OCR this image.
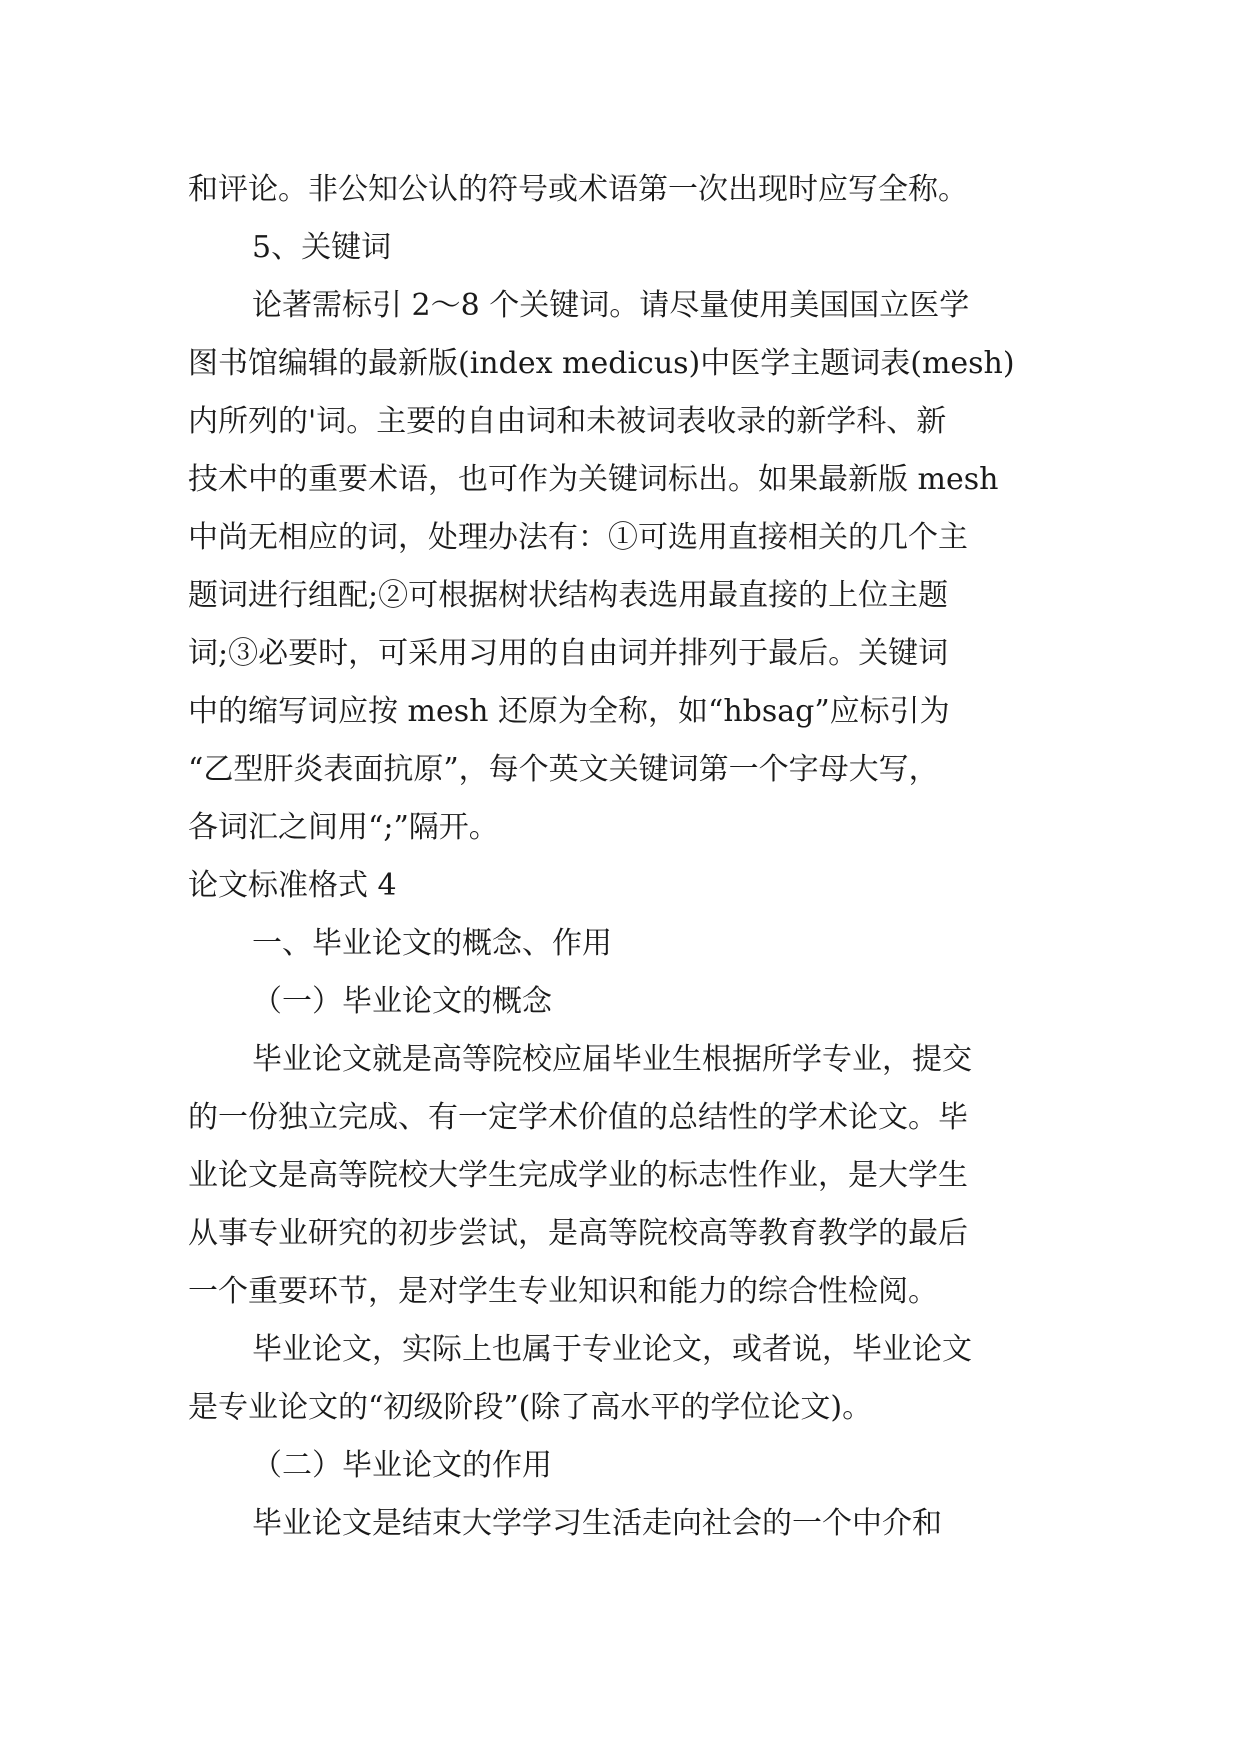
和评论。非公知公认的符号或术语第一次出现时应写全称。
5、关键词
论著需标引 2～8 个关键词。请尽量使用美国国立医学
图书馆编辑的最新版(index medicus)中医学主题词表(mesh)
内所列的'词。主要的自由词和未被词表收录的新学科、新
技术中的重要术语，也可作为关键词标出。如果最新版 mesh
中尚无相应的词，处理办法有：①可选用直接相关的几个主
题词进行组配;②可根据树状结构表选用最直接的上位主题
词;③必要时，可采用习用的自由词并排列于最后。关键词
中的缩写词应按 mesh 还原为全称，如“hbsag”应标引为
“乙型肝炎表面抗原”，每个英文关键词第一个字母大写，
各词汇之间用“;”隔开。
论文标准格式 4
一、毕业论文的概念、作用
（一）毕业论文的概念
毕业论文就是高等院校应届毕业生根据所学专业，提交
的一份独立完成、有一定学术价值的总结性的学术论文。毕
业论文是高等院校大学生完成学业的标志性作业，是大学生
从事专业研究的初步尝试，是高等院校高等教育教学的最后
一个重要环节，是对学生专业知识和能力的综合性检阅。
毕业论文，实际上也属于专业论文，或者说，毕业论文
是专业论文的“初级阶段”(除了高水平的学位论文)。
（二）毕业论文的作用
毕业论文是结束大学学习生活走向社会的一个中介和
